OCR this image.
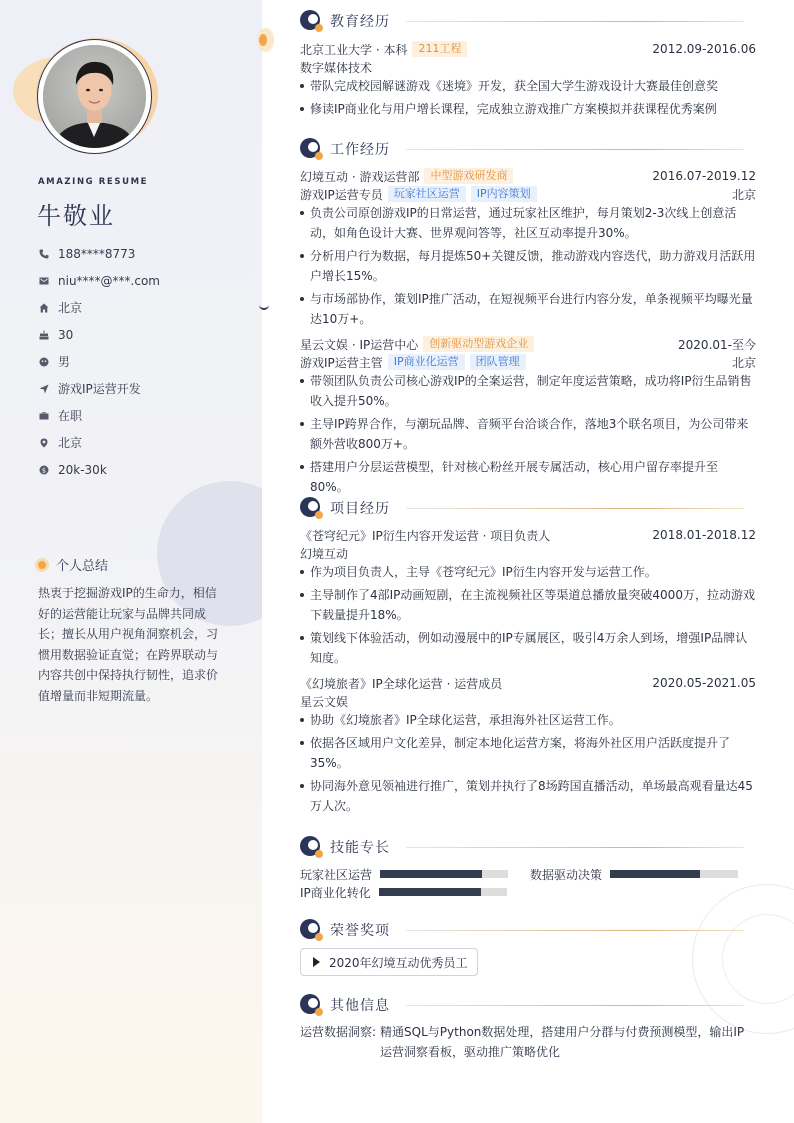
AMAZING RESUME
牛敬业
188****8773
niu****@***.com
北京
30
男
游戏IP运营开发
在职
北京
$ 20k-30k
个人总结
热衷于挖掘游戏IP的生命力，相信好的运营能让玩家与品牌共同成长；擅长从用户视角洞察机会，习惯用数据验证直觉；在跨界联动与内容共创中保持执行韧性，追求价值增量而非短期流量。
教育经历
北京工业大学 · 本科	211工程	2012.09-2016.06
数字媒体技术
带队完成校园解谜游戏《迷境》开发，获全国大学生游戏设计大赛最佳创意奖
修读IP商业化与用户增长课程，完成独立游戏推广方案模拟并获课程优秀案例
工作经历
幻境互动 · 游戏运营部	中型游戏研发商	2016.07-2019.12
游戏IP运营专员	玩家社区运营	IP内容策划	北京
负责公司原创游戏IP的日常运营，通过玩家社区维护，每月策划2-3次线上创意活动，如角色设计大赛、世界观问答等，社区互动率提升30%。
分析用户行为数据，每月提炼50+关键反馈，推动游戏内容迭代，助力游戏月活跃用户增长15%。
与市场部协作，策划IP推广活动，在短视频平台进行内容分发，单条视频平均曝光量达10万+。
星云文娱 · IP运营中心	创新驱动型游戏企业	2020.01-至今
游戏IP运营主管	IP商业化运营	团队管理	北京
带领团队负责公司核心游戏IP的全案运营，制定年度运营策略，成功将IP衍生品销售收入提升50%。
主导IP跨界合作，与潮玩品牌、音频平台洽谈合作，落地3个联名项目，为公司带来额外营收800万+。
搭建用户分层运营模型，针对核心粉丝开展专属活动，核心用户留存率提升至80%。
项目经历
《苍穹纪元》IP衍生内容开发运营 · 项目负责人	2018.01-2018.12
幻境互动
作为项目负责人，主导《苍穹纪元》IP衍生内容开发与运营工作。
主导制作了4部IP动画短剧，在主流视频社区等渠道总播放量突破4000万，拉动游戏下载量提升18%。
策划线下体验活动，例如动漫展中的IP专属展区，吸引4万余人到场，增强IP品牌认知度。
《幻境旅者》IP全球化运营 · 运营成员	2020.05-2021.05
星云文娱
协助《幻境旅者》IP全球化运营，承担海外社区运营工作。
依据各区域用户文化差异，制定本地化运营方案，将海外社区用户活跃度提升了35%。
协同海外意见领袖进行推广，策划并执行了8场跨国直播活动，单场最高观看量达45万人次。
技能专长
玩家社区运营	数据驱动决策
IP商业化转化
荣誉奖项
2020年幻境互动优秀员工
其他信息
运营数据洞察: 精通SQL与Python数据处理，搭建用户分群与付费预测模型，输出IP运营洞察看板，驱动推广策略优化
